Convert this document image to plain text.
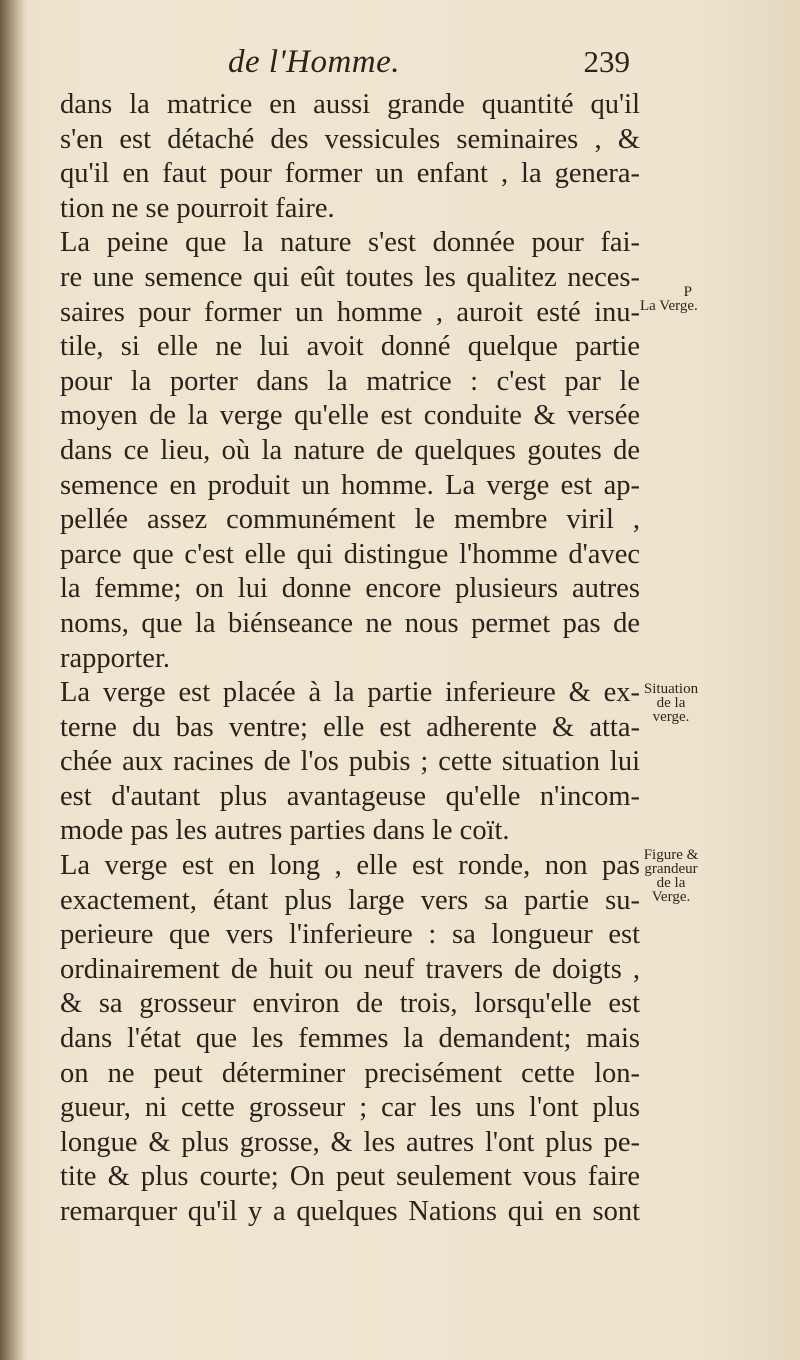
de l'Homme.	239
dans la matrice en aussi grande quantité qu'il
s'en est détaché des vessicules seminaires , &
qu'il en faut pour former un enfant , la genera-
tion ne se pourroit faire.
La peine que la nature s'est donnée pour fai-
re une semence qui eût toutes les qualitez neces-
saires pour former un homme , auroit esté inu-
tile, si elle ne lui avoit donné quelque partie
pour la porter dans la matrice : c'est par le
moyen de la verge qu'elle est conduite & versée
dans ce lieu, où la nature de quelques goutes de
semence en produit un homme. La verge est ap-
pellée assez communément le membre viril ,
parce que c'est elle qui distingue l'homme d'avec
la femme; on lui donne encore plusieurs autres
noms, que la biénseance ne nous permet pas de
rapporter.
La verge est placée à la partie inferieure & ex-
terne du bas ventre; elle est adherente & atta-
chée aux racines de l'os pubis ; cette situation lui
est d'autant plus avantageuse qu'elle n'incom-
mode pas les autres parties dans le coït.
La verge est en long , elle est ronde, non pas
exactement, étant plus large vers sa partie su-
perieure que vers l'inferieure : sa longueur est
ordinairement de huit ou neuf travers de doigts ,
& sa grosseur environ de trois, lorsqu'elle est
dans l'état que les femmes la demandent; mais
on ne peut déterminer precisément cette lon-
gueur, ni cette grosseur ; car les uns l'ont plus
longue & plus grosse, & les autres l'ont plus pe-
tite & plus courte; On peut seulement vous faire
remarquer qu'il y a quelques Nations qui en sont
P
La Verge.
Situation
de la
verge.
Figure &
grandeur
de la
Verge.
